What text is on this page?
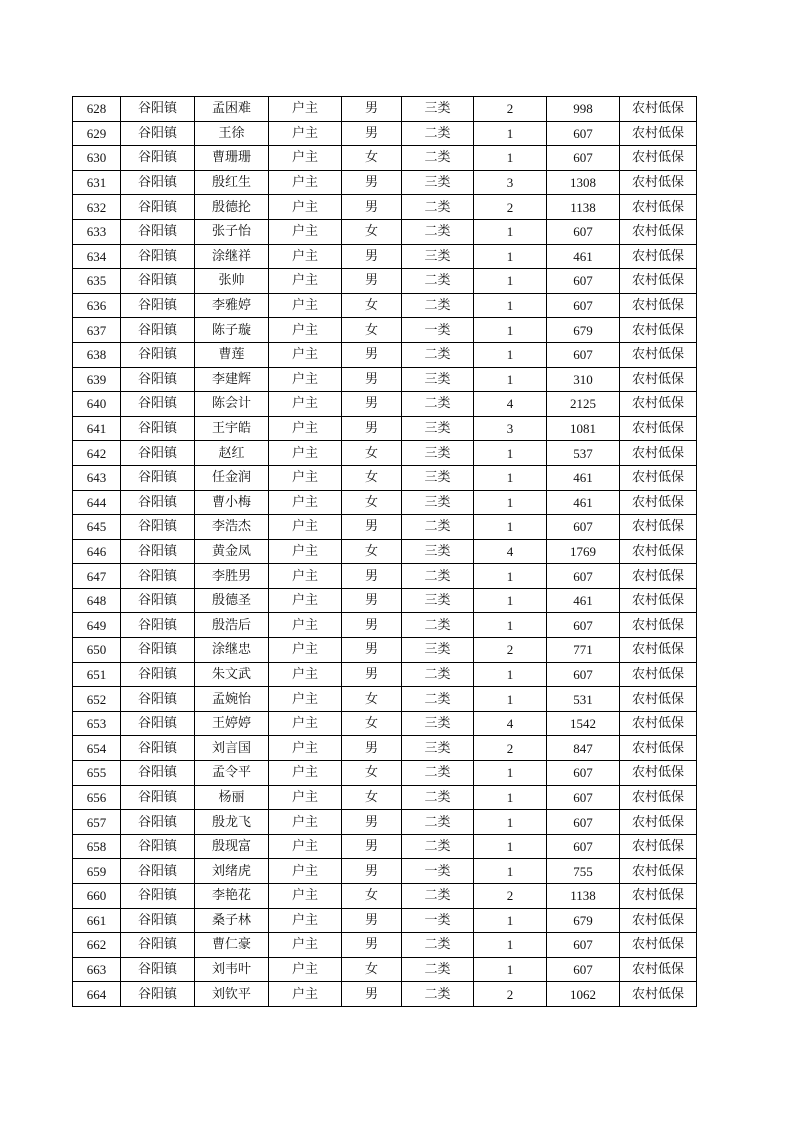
628	谷阳镇	孟困难	户主	男	三类	2	998	农村低保
629	谷阳镇	王徐	户主	男	二类	1	607	农村低保
630	谷阳镇	曹珊珊	户主	女	二类	1	607	农村低保
631	谷阳镇	殷红生	户主	男	三类	3	1308	农村低保
632	谷阳镇	殷德抡	户主	男	二类	2	1138	农村低保
633	谷阳镇	张子怡	户主	女	二类	1	607	农村低保
634	谷阳镇	涂继祥	户主	男	三类	1	461	农村低保
635	谷阳镇	张帅	户主	男	二类	1	607	农村低保
636	谷阳镇	李雅婷	户主	女	二类	1	607	农村低保
637	谷阳镇	陈子璇	户主	女	一类	1	679	农村低保
638	谷阳镇	曹莲	户主	男	二类	1	607	农村低保
639	谷阳镇	李建辉	户主	男	三类	1	310	农村低保
640	谷阳镇	陈会计	户主	男	二类	4	2125	农村低保
641	谷阳镇	王宇皓	户主	男	三类	3	1081	农村低保
642	谷阳镇	赵红	户主	女	三类	1	537	农村低保
643	谷阳镇	任金润	户主	女	三类	1	461	农村低保
644	谷阳镇	曹小梅	户主	女	三类	1	461	农村低保
645	谷阳镇	李浩杰	户主	男	二类	1	607	农村低保
646	谷阳镇	黄金凤	户主	女	三类	4	1769	农村低保
647	谷阳镇	李胜男	户主	男	二类	1	607	农村低保
648	谷阳镇	殷德圣	户主	男	三类	1	461	农村低保
649	谷阳镇	殷浩后	户主	男	二类	1	607	农村低保
650	谷阳镇	涂继忠	户主	男	三类	2	771	农村低保
651	谷阳镇	朱文武	户主	男	二类	1	607	农村低保
652	谷阳镇	孟婉怡	户主	女	二类	1	531	农村低保
653	谷阳镇	王婷婷	户主	女	三类	4	1542	农村低保
654	谷阳镇	刘言国	户主	男	三类	2	847	农村低保
655	谷阳镇	孟令平	户主	女	二类	1	607	农村低保
656	谷阳镇	杨丽	户主	女	二类	1	607	农村低保
657	谷阳镇	殷龙飞	户主	男	二类	1	607	农村低保
658	谷阳镇	殷现富	户主	男	二类	1	607	农村低保
659	谷阳镇	刘绪虎	户主	男	一类	1	755	农村低保
660	谷阳镇	李艳花	户主	女	二类	2	1138	农村低保
661	谷阳镇	桑子林	户主	男	一类	1	679	农村低保
662	谷阳镇	曹仁豪	户主	男	二类	1	607	农村低保
663	谷阳镇	刘韦叶	户主	女	二类	1	607	农村低保
664	谷阳镇	刘钦平	户主	男	二类	2	1062	农村低保
